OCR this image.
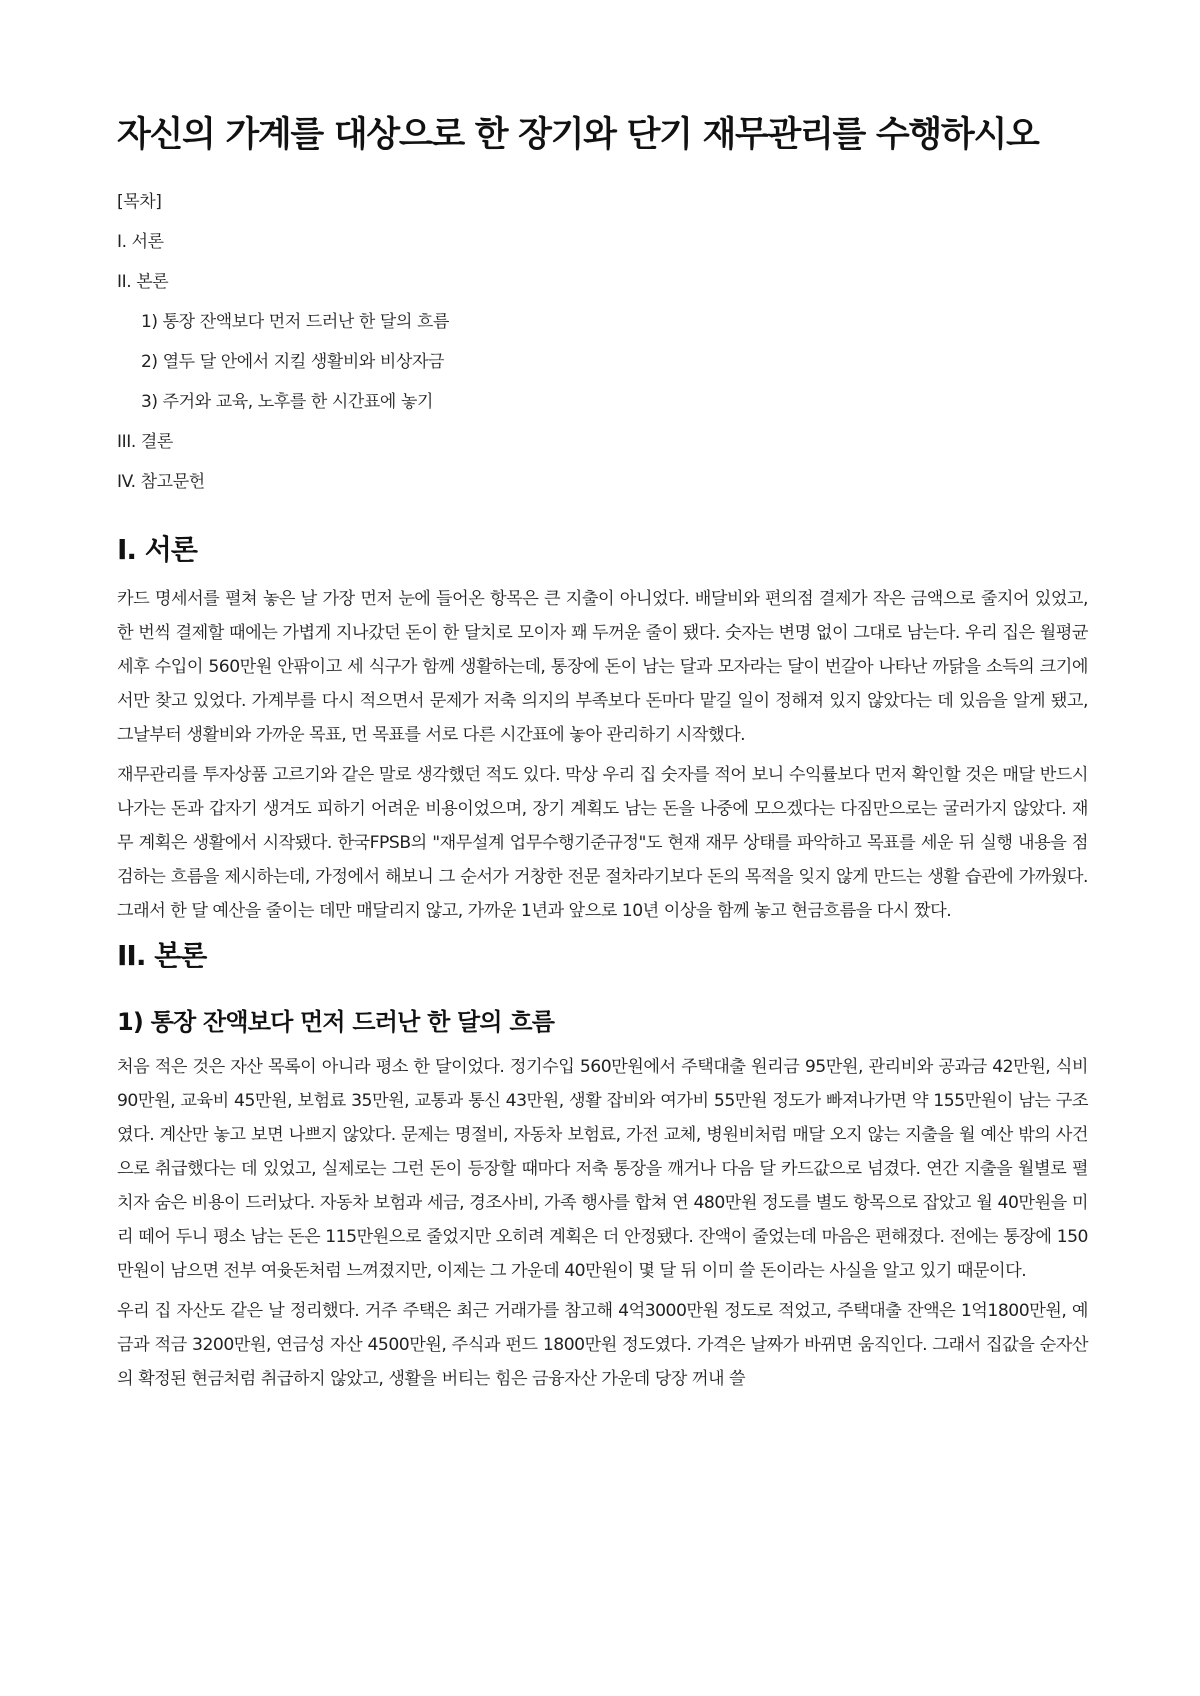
자신의 가계를 대상으로 한 장기와 단기 재무관리를 수행하시오
[목차]
I. 서론
II. 본론
1) 통장 잔액보다 먼저 드러난 한 달의 흐름
2) 열두 달 안에서 지킬 생활비와 비상자금
3) 주거와 교육, 노후를 한 시간표에 놓기
III. 결론
IV. 참고문헌
I. 서론

카드 명세서를 펼쳐 놓은 날 가장 먼저 눈에 들어온 항목은 큰 지출이 아니었다. 배달비와 편의점 결제가 작은 금액으로 줄지어 있었고, 한 번씩 결제할 때에는 가볍게 지나갔던 돈이 한 달치로 모이자 꽤 두꺼운 줄이 됐다. 숫자는 변명 없이 그대로 남는다. 우리 집은 월평균 세후 수입이 560만원 안팎이고 세 식구가 함께 생활하는데, 통장에 돈이 남는 달과 모자라는 달이 번갈아 나타난 까닭을 소득의 크기에서만 찾고 있었다. 가계부를 다시 적으면서 문제가 저축 의지의 부족보다 돈마다 맡길 일이 정해져 있지 않았다는 데 있음을 알게 됐고, 그날부터 생활비와 가까운 목표, 먼 목표를 서로 다른 시간표에 놓아 관리하기 시작했다.

재무관리를 투자상품 고르기와 같은 말로 생각했던 적도 있다. 막상 우리 집 숫자를 적어 보니 수익률보다 먼저 확인할 것은 매달 반드시 나가는 돈과 갑자기 생겨도 피하기 어려운 비용이었으며, 장기 계획도 남는 돈을 나중에 모으겠다는 다짐만으로는 굴러가지 않았다. 재무 계획은 생활에서 시작됐다. 한국FPSB의 "재무설계 업무수행기준규정"도 현재 재무 상태를 파악하고 목표를 세운 뒤 실행 내용을 점검하는 흐름을 제시하는데, 가정에서 해보니 그 순서가 거창한 전문 절차라기보다 돈의 목적을 잊지 않게 만드는 생활 습관에 가까웠다. 그래서 한 달 예산을 줄이는 데만 매달리지 않고, 가까운 1년과 앞으로 10년 이상을 함께 놓고 현금흐름을 다시 짰다.

II. 본론
1) 통장 잔액보다 먼저 드러난 한 달의 흐름

처음 적은 것은 자산 목록이 아니라 평소 한 달이었다. 정기수입 560만원에서 주택대출 원리금 95만원, 관리비와 공과금 42만원, 식비 90만원, 교육비 45만원, 보험료 35만원, 교통과 통신 43만원, 생활 잡비와 여가비 55만원 정도가 빠져나가면 약 155만원이 남는 구조였다. 계산만 놓고 보면 나쁘지 않았다. 문제는 명절비, 자동차 보험료, 가전 교체, 병원비처럼 매달 오지 않는 지출을 월 예산 밖의 사건으로 취급했다는 데 있었고, 실제로는 그런 돈이 등장할 때마다 저축 통장을 깨거나 다음 달 카드값으로 넘겼다. 연간 지출을 월별로 펼치자 숨은 비용이 드러났다. 자동차 보험과 세금, 경조사비, 가족 행사를 합쳐 연 480만원 정도를 별도 항목으로 잡았고 월 40만원을 미리 떼어 두니 평소 남는 돈은 115만원으로 줄었지만 오히려 계획은 더 안정됐다. 잔액이 줄었는데 마음은 편해졌다. 전에는 통장에 150만원이 남으면 전부 여윳돈처럼 느껴졌지만, 이제는 그 가운데 40만원이 몇 달 뒤 이미 쓸 돈이라는 사실을 알고 있기 때문이다.

우리 집 자산도 같은 날 정리했다. 거주 주택은 최근 거래가를 참고해 4억3000만원 정도로 적었고, 주택대출 잔액은 1억1800만원, 예금과 적금 3200만원, 연금성 자산 4500만원, 주식과 펀드 1800만원 정도였다. 가격은 날짜가 바뀌면 움직인다. 그래서 집값을 순자산의 확정된 현금처럼 취급하지 않았고, 생활을 버티는 힘은 금융자산 가운데 당장 꺼내 쓸
